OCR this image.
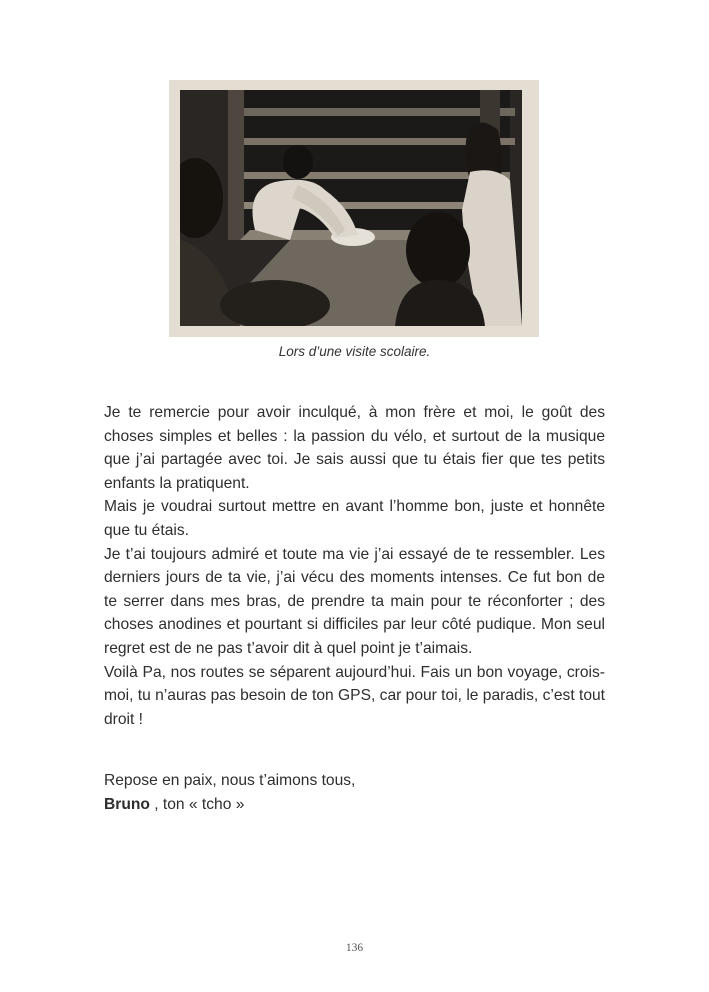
Lors d’une visite scolaire.

Je te remercie pour avoir inculqué, à mon frère et moi, le goût des choses simples et belles : la passion du vélo, et surtout de la musique que j’ai partagée avec toi. Je sais aussi que tu étais fier que tes petits enfants la pratiquent.

Mais je voudrai surtout mettre en avant l’homme bon, juste et honnête que tu étais.

Je t’ai toujours admiré et toute ma vie j’ai essayé de te ressembler. Les derniers jours de ta vie, j’ai vécu des moments intenses. Ce fut bon de te serrer dans mes bras, de prendre ta main pour te réconforter ; des choses anodines et pourtant si difficiles par leur côté pudique. Mon seul regret est de ne pas t’avoir dit à quel point je t’aimais.

Voilà Pa, nos routes se séparent aujourd’hui. Fais un bon voyage, crois-moi, tu n’auras pas besoin de ton GPS, car pour toi, le paradis, c’est tout droit !

Repose en paix, nous t’aimons tous,

Bruno , ton « tcho »

136
